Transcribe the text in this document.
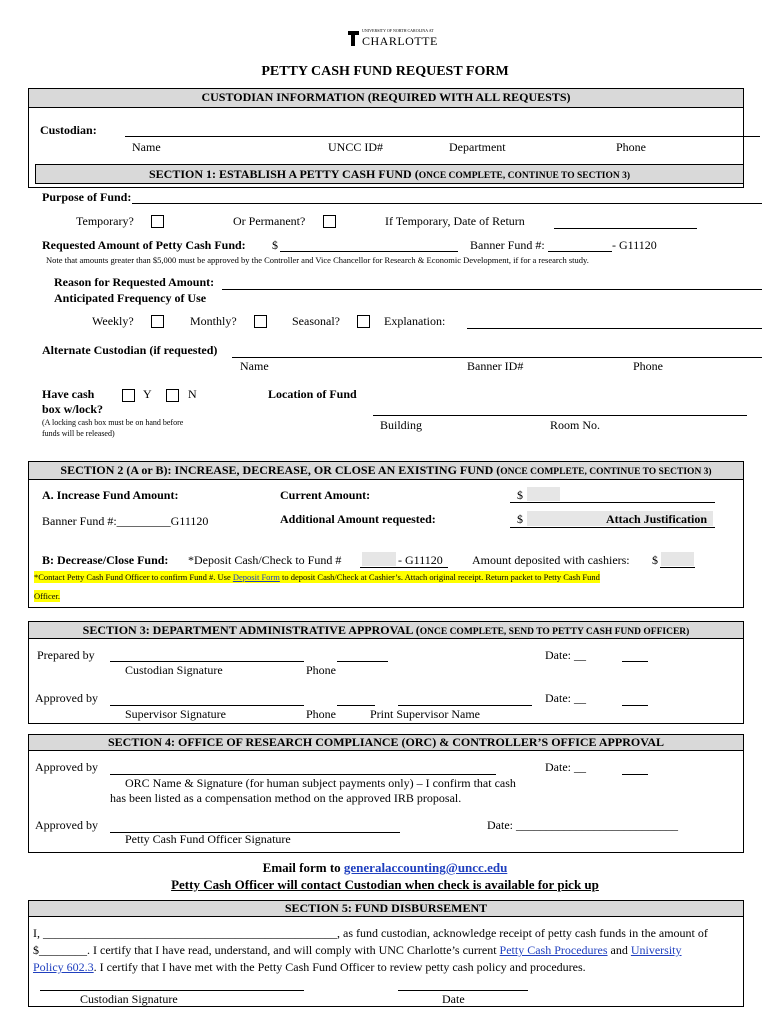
UNIVERSITY OF NORTH CAROLINA AT
CHARLOTTE
PETTY CASH FUND REQUEST FORM
CUSTODIAN INFORMATION (REQUIRED WITH ALL REQUESTS)
Custodian:
Name	UNCC ID#	Department	Phone
SECTION 1: ESTABLISH A PETTY CASH FUND (ONCE COMPLETE, CONTINUE TO SECTION 3)
Purpose of Fund:
Temporary?	Or Permanent?	If Temporary, Date of Return
Requested Amount of Petty Cash Fund: $	Banner Fund #:	- G11120
Note that amounts greater than $5,000 must be approved by the Controller and Vice Chancellor for Research & Economic Development, if for a research study.
Reason for Requested Amount:
Anticipated Frequency of Use
Weekly?	Monthly?	Seasonal?	Explanation:
Alternate Custodian (if requested)
Name	Banner ID#	Phone
Have cash
box w/lock?
Y	N
(A locking cash box must be on hand before
funds will be released)
Location of Fund
Building	Room No.
SECTION 2 (A or B): INCREASE, DECREASE, OR CLOSE AN EXISTING FUND (ONCE COMPLETE, CONTINUE TO SECTION 3)
A. Increase Fund Amount:	Current Amount:	$
Banner Fund #:_________G11120	Additional Amount requested:	$	Attach Justification
B: Decrease/Close Fund: *Deposit Cash/Check to Fund #	- G11120 Amount deposited with cashiers: $
*Contact Petty Cash Fund Officer to confirm Fund #. Use Deposit Form to deposit Cash/Check at Cashier’s. Attach original receipt. Return packet to Petty Cash Fund
Officer.
SECTION 3: DEPARTMENT ADMINISTRATIVE APPROVAL (ONCE COMPLETE, SEND TO PETTY CASH FUND OFFICER)
Prepared by	Date: __
Custodian Signature	Phone
Approved by	Date: __
Supervisor Signature	Phone	Print Supervisor Name
SECTION 4: OFFICE OF RESEARCH COMPLIANCE (ORC) & CONTROLLER’S OFFICE APPROVAL
Approved by	Date: __
ORC Name & Signature (for human subject payments only) – I confirm that cash
has been listed as a compensation method on the approved IRB proposal.
Approved by	Date: ___________________________
Petty Cash Fund Officer Signature
Email form to generalaccounting@uncc.edu
Petty Cash Officer will contact Custodian when check is available for pick up
SECTION 5: FUND DISBURSEMENT
I, _________________________________________________, as fund custodian, acknowledge receipt of petty cash funds in the amount of
$________. I certify that I have read, understand, and will comply with UNC Charlotte’s current Petty Cash Procedures and University
Policy 602.3. I certify that I have met with the Petty Cash Fund Officer to review petty cash policy and procedures.
Custodian Signature	Date
